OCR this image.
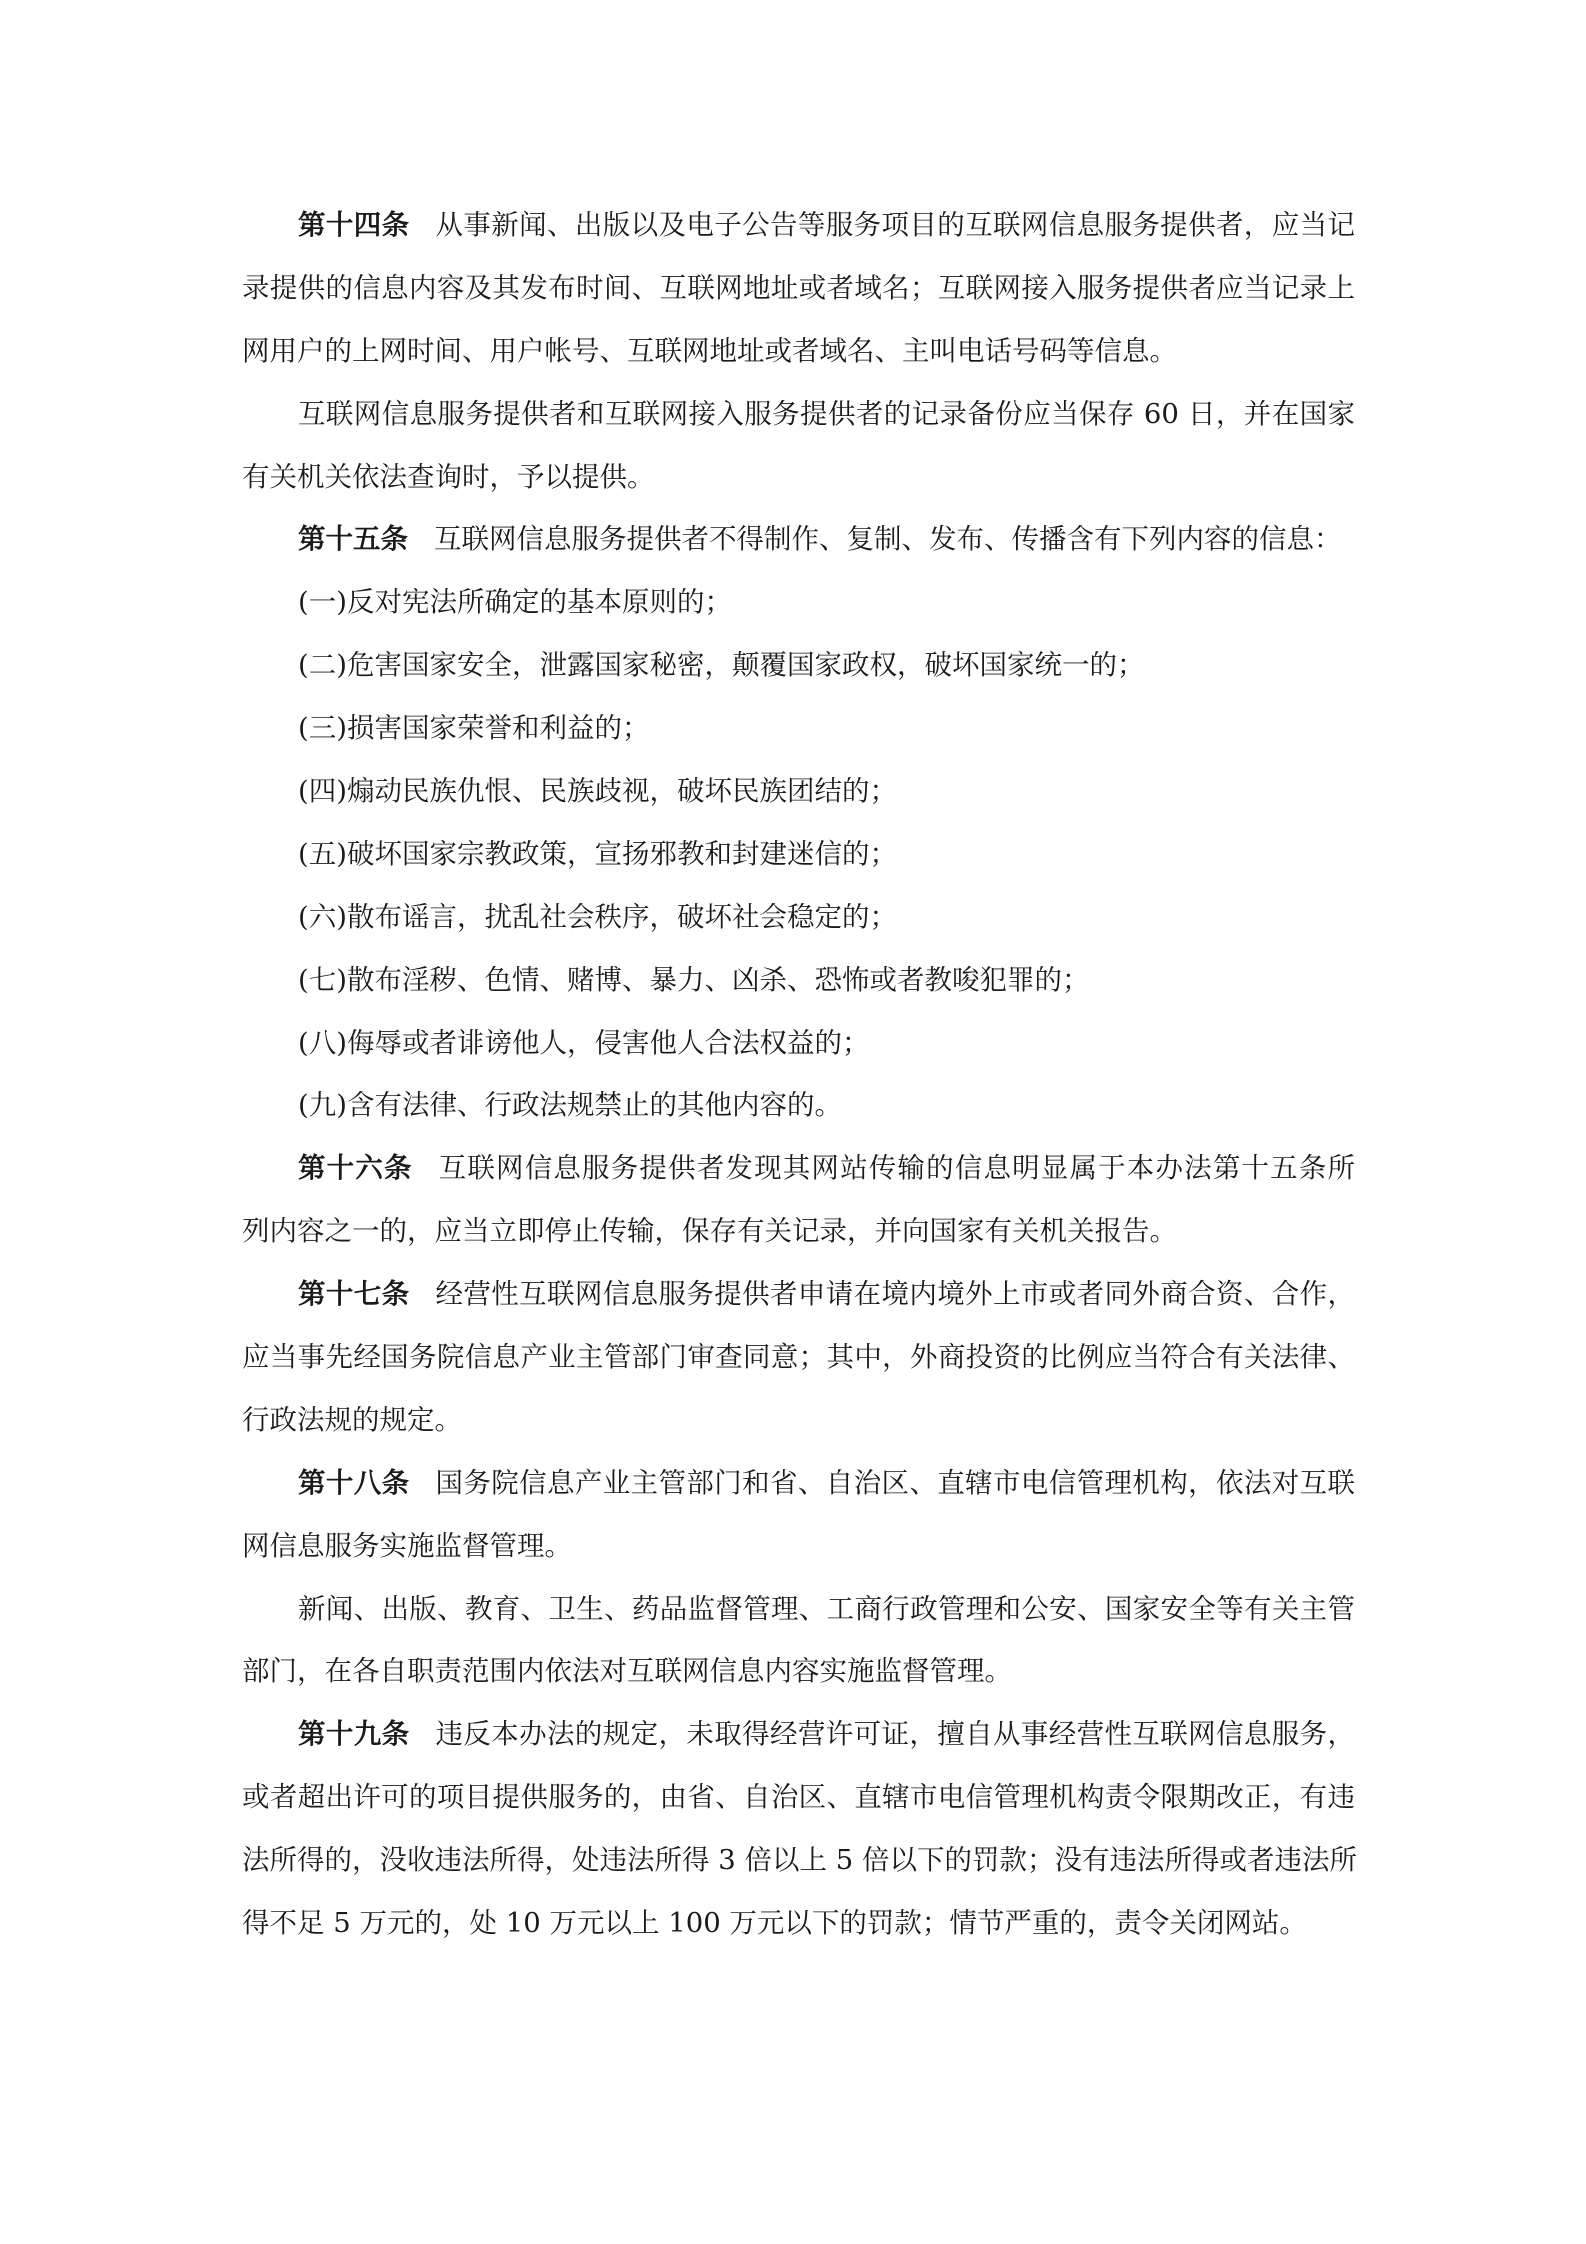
第十四条 从事新闻、出版以及电子公告等服务项目的互联网信息服务提供者，应当记
录提供的信息内容及其发布时间、互联网地址或者域名；互联网接入服务提供者应当记录上
网用户的上网时间、用户帐号、互联网地址或者域名、主叫电话号码等信息。
互联网信息服务提供者和互联网接入服务提供者的记录备份应当保存 60 日，并在国家
有关机关依法查询时，予以提供。
第十五条 互联网信息服务提供者不得制作、复制、发布、传播含有下列内容的信息：
(一)反对宪法所确定的基本原则的；
(二)危害国家安全，泄露国家秘密，颠覆国家政权，破坏国家统一的；
(三)损害国家荣誉和利益的；
(四)煽动民族仇恨、民族歧视，破坏民族团结的；
(五)破坏国家宗教政策，宣扬邪教和封建迷信的；
(六)散布谣言，扰乱社会秩序，破坏社会稳定的；
(七)散布淫秽、色情、赌博、暴力、凶杀、恐怖或者教唆犯罪的；
(八)侮辱或者诽谤他人，侵害他人合法权益的；
(九)含有法律、行政法规禁止的其他内容的。
第十六条 互联网信息服务提供者发现其网站传输的信息明显属于本办法第十五条所
列内容之一的，应当立即停止传输，保存有关记录，并向国家有关机关报告。
第十七条 经营性互联网信息服务提供者申请在境内境外上市或者同外商合资、合作，
应当事先经国务院信息产业主管部门审查同意；其中，外商投资的比例应当符合有关法律、
行政法规的规定。
第十八条 国务院信息产业主管部门和省、自治区、直辖市电信管理机构，依法对互联
网信息服务实施监督管理。
新闻、出版、教育、卫生、药品监督管理、工商行政管理和公安、国家安全等有关主管
部门，在各自职责范围内依法对互联网信息内容实施监督管理。
第十九条 违反本办法的规定，未取得经营许可证，擅自从事经营性互联网信息服务，
或者超出许可的项目提供服务的，由省、自治区、直辖市电信管理机构责令限期改正，有违
法所得的，没收违法所得，处违法所得 3 倍以上 5 倍以下的罚款；没有违法所得或者违法所
得不足 5 万元的，处 10 万元以上 100 万元以下的罚款；情节严重的，责令关闭网站。
